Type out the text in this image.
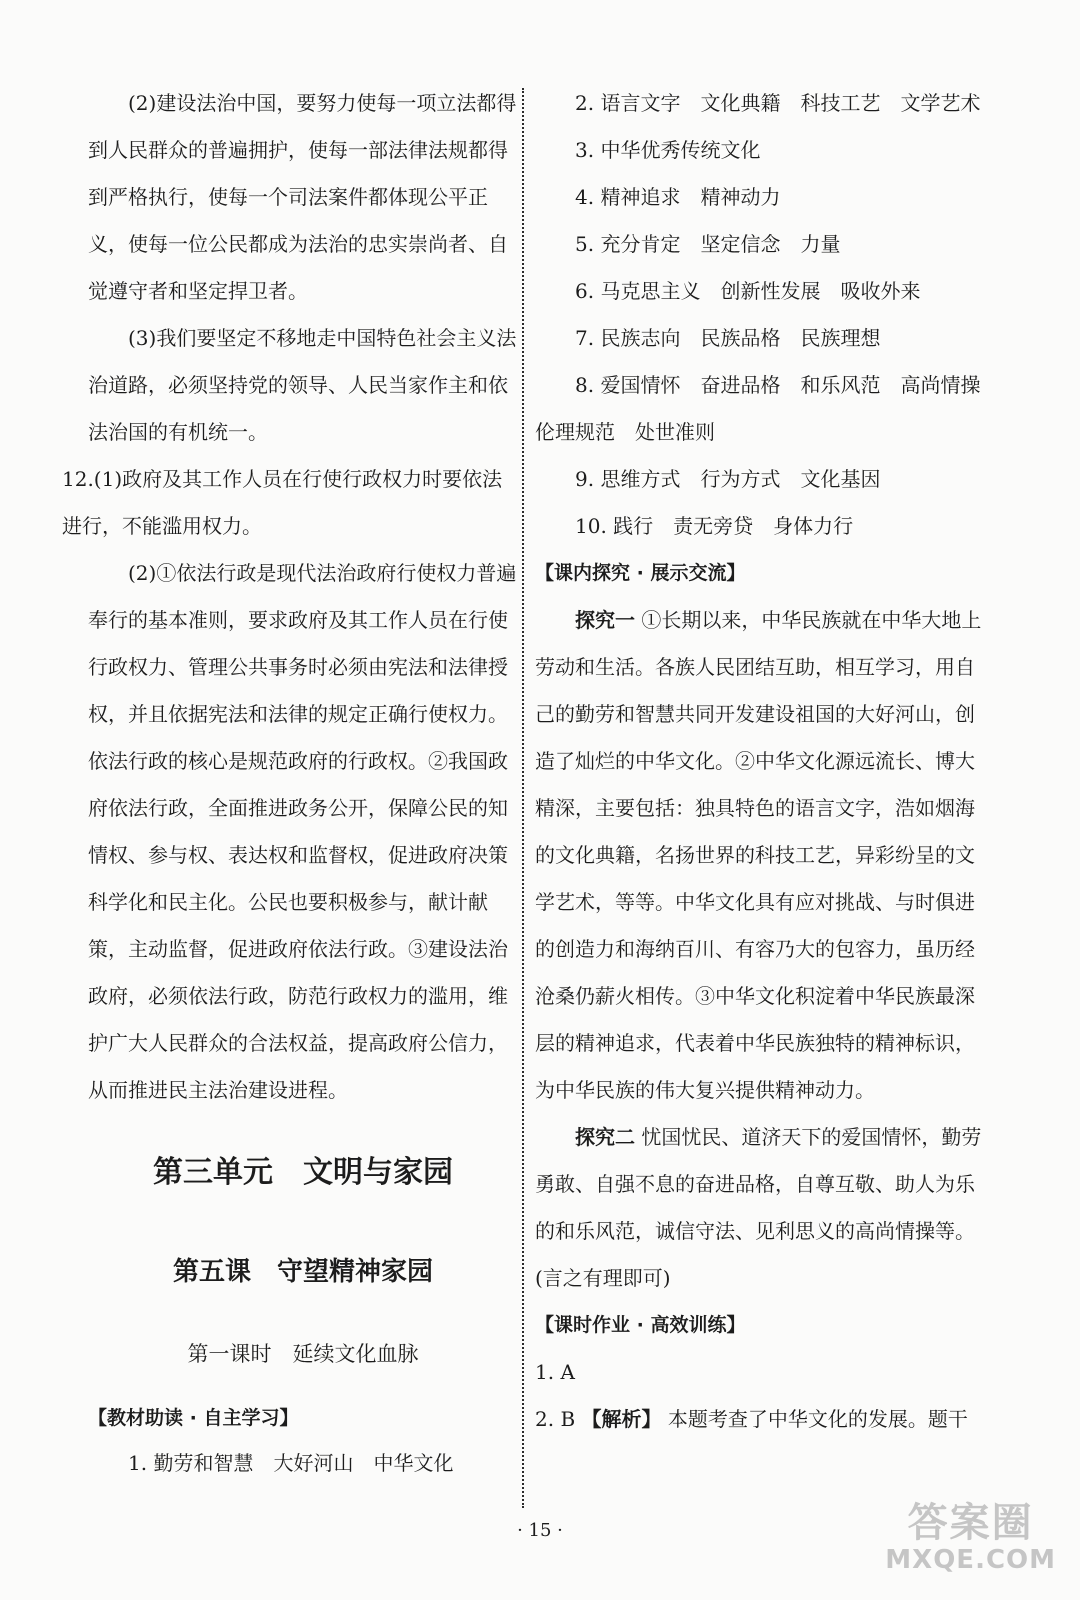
(2)建设法治中国，要努力使每一项立法都得到人民群众的普遍拥护，使每一部法律法规都得到严格执行，使每一个司法案件都体现公平正义，使每一位公民都成为法治的忠实崇尚者、自觉遵守者和坚定捍卫者。

(3)我们要坚定不移地走中国特色社会主义法治道路，必须坚持党的领导、人民当家作主和依法治国的有机统一。

12.(1)政府及其工作人员在行使行政权力时要依法进行，不能滥用权力。

(2)①依法行政是现代法治政府行使权力普遍奉行的基本准则，要求政府及其工作人员在行使行政权力、管理公共事务时必须由宪法和法律授权，并且依据宪法和法律的规定正确行使权力。依法行政的核心是规范政府的行政权。②我国政府依法行政，全面推进政务公开，保障公民的知情权、参与权、表达权和监督权，促进政府决策科学化和民主化。公民也要积极参与，献计献策，主动监督，促进政府依法行政。③建设法治政府，必须依法行政，防范行政权力的滥用，维护广大人民群众的合法权益，提高政府公信力，从而推进民主法治建设进程。

第三单元　文明与家园
第五课　守望精神家园
第一课时　延续文化血脉

【教材助读 · 自主学习】

1. 勤劳和智慧　大好河山　中华文化

2. 语言文字　文化典籍　科技工艺　文学艺术

3. 中华优秀传统文化

4. 精神追求　精神动力

5. 充分肯定　坚定信念　力量

6. 马克思主义　创新性发展　吸收外来

7. 民族志向　民族品格　民族理想

8. 爱国情怀　奋进品格　和乐风范　高尚情操　伦理规范　处世准则

9. 思维方式　行为方式　文化基因

10. 践行　责无旁贷　身体力行

【课内探究 · 展示交流】

探究一 ①长期以来，中华民族就在中华大地上劳动和生活。各族人民团结互助，相互学习，用自己的勤劳和智慧共同开发建设祖国的大好河山，创造了灿烂的中华文化。②中华文化源远流长、博大精深，主要包括：独具特色的语言文字，浩如烟海的文化典籍，名扬世界的科技工艺，异彩纷呈的文学艺术，等等。中华文化具有应对挑战、与时俱进的创造力和海纳百川、有容乃大的包容力，虽历经沧桑仍薪火相传。③中华文化积淀着中华民族最深层的精神追求，代表着中华民族独特的精神标识，为中华民族的伟大复兴提供精神动力。

探究二 忧国忧民、道济天下的爱国情怀，勤劳勇敢、自强不息的奋进品格，自尊互敬、助人为乐的和乐风范，诚信守法、见利思义的高尚情操等。(言之有理即可)

【课时作业 · 高效训练】

1. A

2. B 【解析】 本题考查了中华文化的发展。题干

· 15 ·	答案圈
MXQE.COM
